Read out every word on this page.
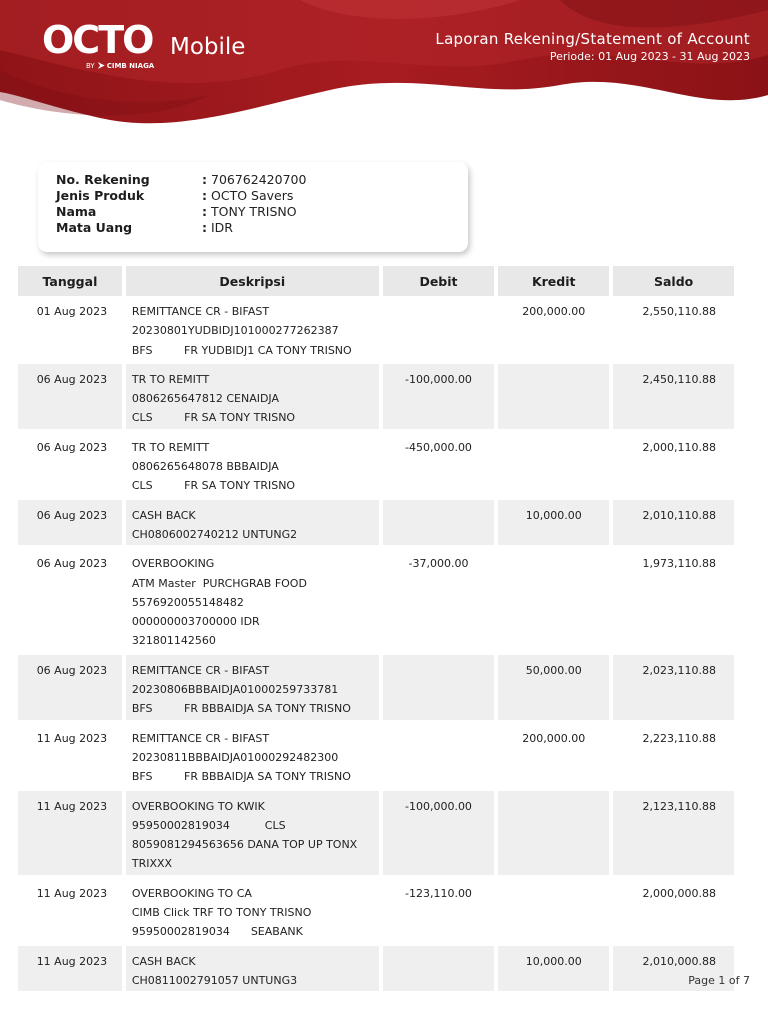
OCTO Mobile
BY CIMB NIAGA
Laporan Rekening/Statement of Account
Periode: 01 Aug 2023 - 31 Aug 2023
No. Rekening	: 706762420700
Jenis Produk	: OCTO Savers
Nama	: TONY TRISNO
Mata Uang	: IDR
Tanggal	Deskripsi	Debit	Kredit	Saldo
01 Aug 2023	REMITTANCE CR - BIFAST
20230801YUDBIDJ101000277262387
BFS         FR YUDBIDJ1 CA TONY TRISNO		200,000.00	2,550,110.88

06 Aug 2023	TR TO REMITT
0806265647812 CENAIDJA
CLS         FR SA TONY TRISNO	-100,000.00		2,450,110.88

06 Aug 2023	TR TO REMITT
0806265648078 BBBAIDJA
CLS         FR SA TONY TRISNO	-450,000.00		2,000,110.88

06 Aug 2023	CASH BACK
CH0806002740212 UNTUNG2		10,000.00	2,010,110.88

06 Aug 2023	OVERBOOKING
ATM Master  PURCHGRAB FOOD
5576920055148482
000000003700000 IDR
321801142560	-37,000.00		1,973,110.88

06 Aug 2023	REMITTANCE CR - BIFAST
20230806BBBAIDJA01000259733781
BFS         FR BBBAIDJA SA TONY TRISNO		50,000.00	2,023,110.88

11 Aug 2023	REMITTANCE CR - BIFAST
20230811BBBAIDJA01000292482300
BFS         FR BBBAIDJA SA TONY TRISNO		200,000.00	2,223,110.88

11 Aug 2023	OVERBOOKING TO KWIK
95950002819034          CLS
8059081294563656 DANA TOP UP TONX
TRIXXX	-100,000.00		2,123,110.88

11 Aug 2023	OVERBOOKING TO CA
CIMB Click TRF TO TONY TRISNO
95950002819034      SEABANK	-123,110.00		2,000,000.88

11 Aug 2023	CASH BACK
CH0811002791057 UNTUNG3		10,000.00	2,010,000.88
Page 1 of 7
